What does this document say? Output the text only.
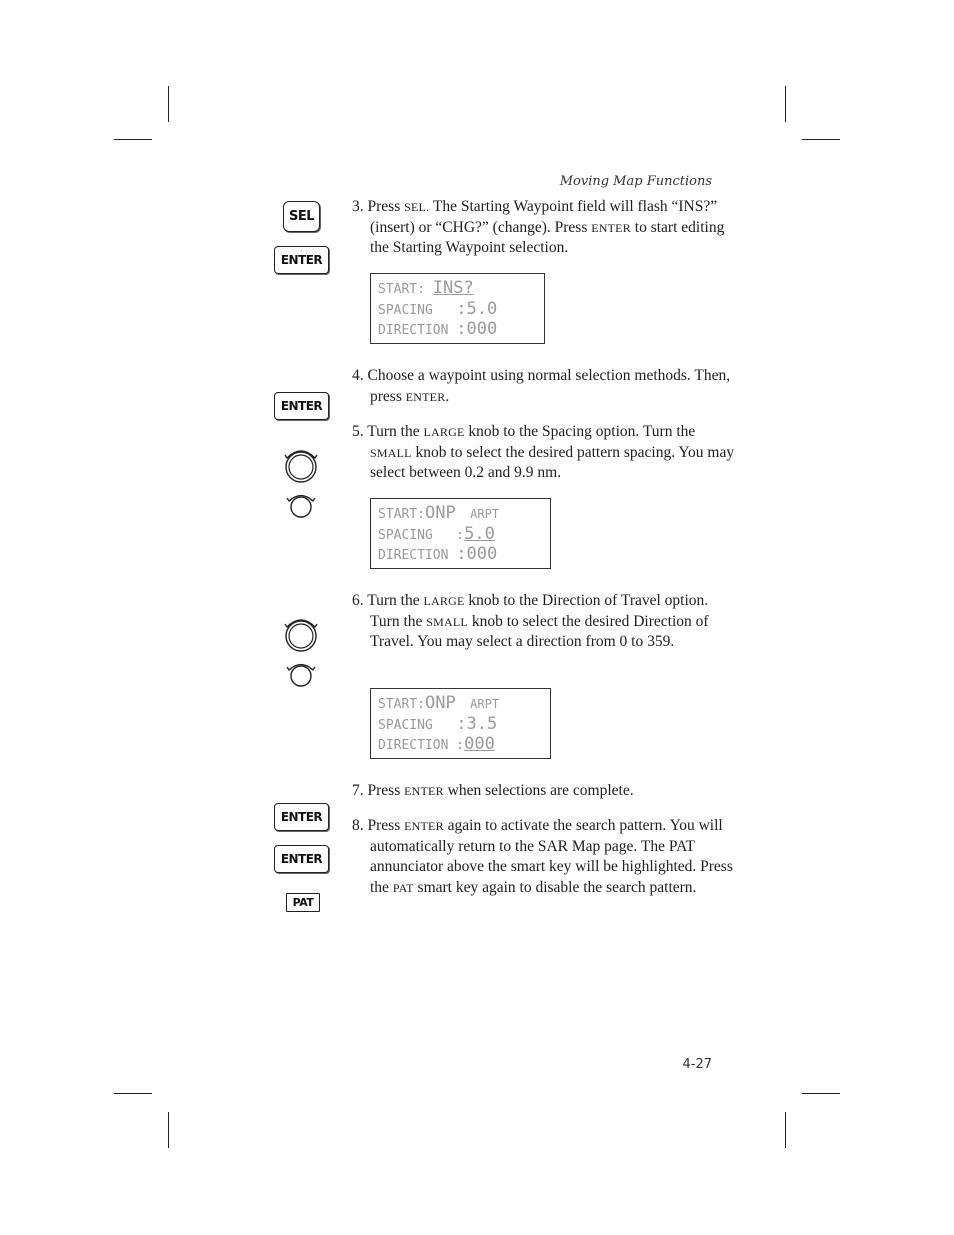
Moving Map Functions
SEL
ENTER
ENTER
ENTER
ENTER
PAT
3. Press SEL. The Starting Waypoint field will flash “INS?” (insert) or “CHG?” (change). Press ENTER to start editing the Starting Waypoint selection.
START: INS?
SPACING   :5.0
DIRECTION :000
4. Choose a waypoint using normal selection methods. Then, press ENTER.
5. Turn the LARGE knob to the Spacing option. Turn the SMALL knob to select the desired pattern spacing. You may select between 0.2 and 9.9 nm.
START:ONP ARPT
SPACING   :5.0
DIRECTION :000
6. Turn the LARGE knob to the Direction of Travel option. Turn the SMALL knob to select the desired Direction of Travel. You may select a direction from 0 to 359.
START:ONP ARPT
SPACING   :3.5
DIRECTION :000
7. Press ENTER when selections are complete.
8. Press ENTER again to activate the search pattern. You will automatically return to the SAR Map page. The PAT annunciator above the smart key will be highlighted. Press the PAT smart key again to disable the search pattern.
4-27
